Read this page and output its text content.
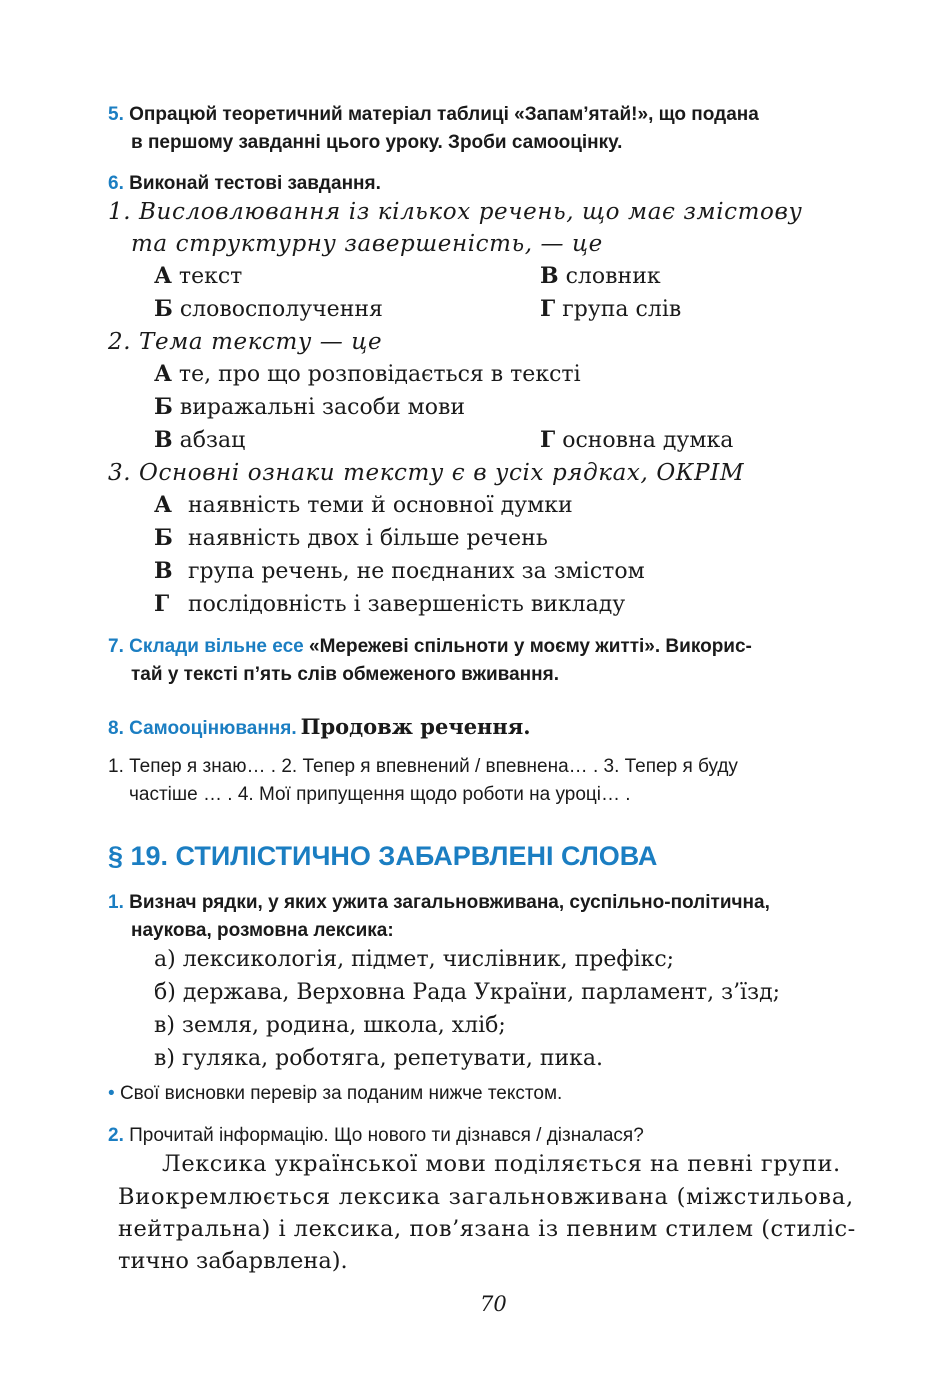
5. Опрацюй теоретичний матеріал таблиці «Запам’ятай!», що подана
в першому завданні цього уроку. Зроби самооцінку.
6. Виконай тестові завдання.
1. Висловлювання із кількох речень, що має змістову
та структурну завершеність, — це
А текст	В словник
Б словосполучення	Г група слів
2. Тема тексту — це
А те, про що розповідається в тексті
Б виражальні засоби мови
В абзац	Г основна думка
3. Основні ознаки тексту є в усіх рядках, ОКРІМ
А наявність теми й основної думки
Б наявність двох і більше речень
В група речень, не поєднаних за змістом
Г послідовність і завершеність викладу
7. Склади вільне есе «Мережеві спільноти у моєму житті». Викорис-
тай у тексті п’ять слів обмеженого вживання.
8. Самооцінювання. Продовж речення.
1. Тепер я знаю… . 2. Тепер я впевнений / впевнена… . 3. Тепер я буду
частіше … . 4. Мої припущення щодо роботи на уроці… .
§ 19. СТИЛІСТИЧНО ЗАБАРВЛЕНІ СЛОВА
1. Визнач рядки, у яких ужита загальновживана, суспільно-політична,
наукова, розмовна лексика:
а) лексикологія, підмет, числівник, префікс;
б) держава, Верховна Рада України, парламент, з’їзд;
в) земля, родина, школа, хліб;
в) гуляка, роботяга, репетувати, пика.
• Свої висновки перевір за поданим нижче текстом.
2. Прочитай інформацію. Що нового ти дізнався / дізналася?
Лексика української мови поділяється на певні групи.
Виокремлюється лексика загальновживана (міжстильова,
нейтральна) і лексика, пов’язана із певним стилем (стиліс-
тично забарвлена).
70
